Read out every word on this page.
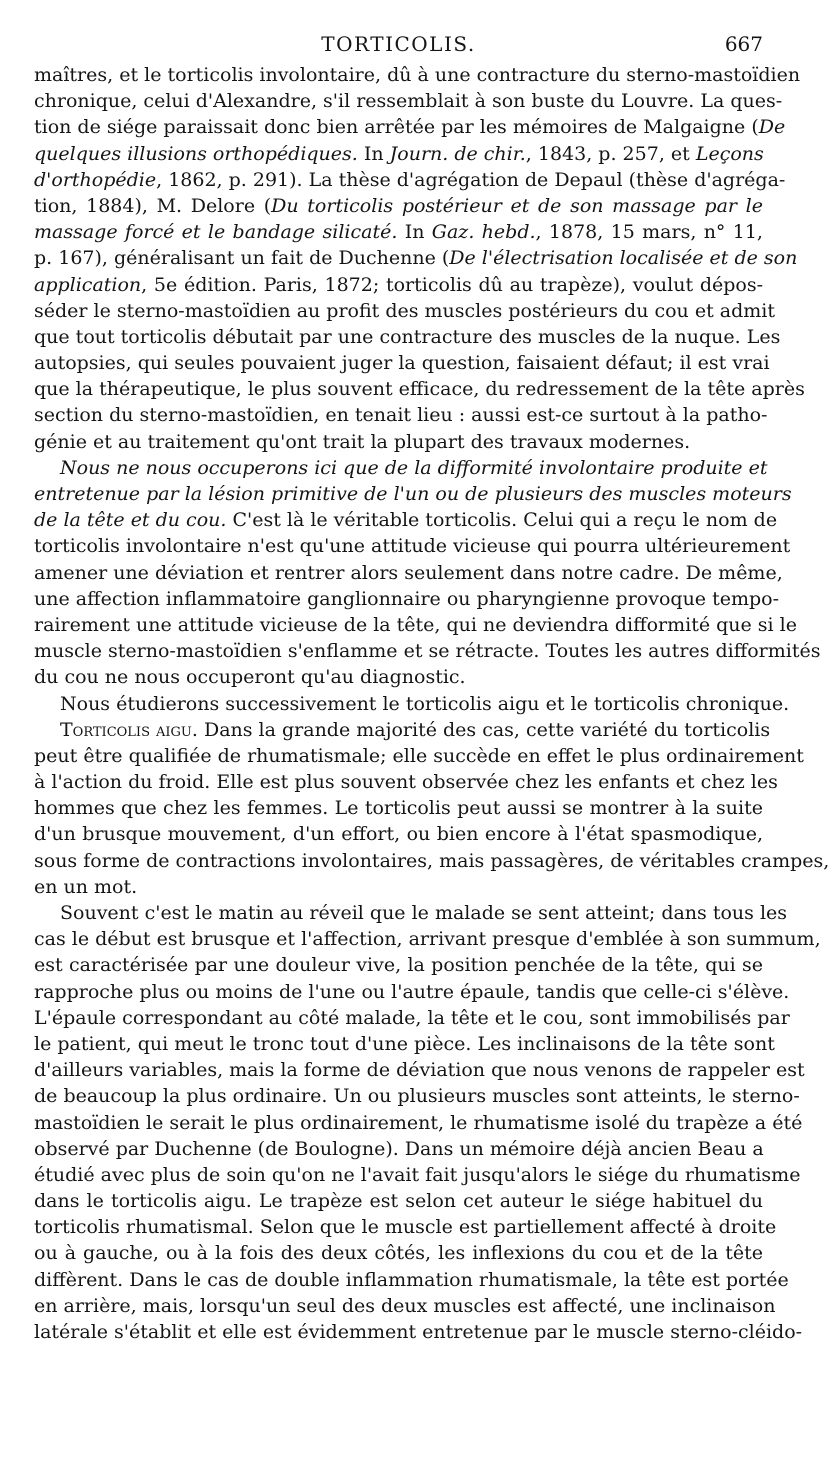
TORTICOLIS.	667
maîtres, et le torticolis involontaire, dû à une contracture du sterno-mastoïdien
chronique, celui d'Alexandre, s'il ressemblait à son buste du Louvre. La ques-
tion de siége paraissait donc bien arrêtée par les mémoires de Malgaigne (De
quelques illusions orthopédiques. In Journ. de chir., 1843, p. 257, et Leçons
d'orthopédie, 1862, p. 291). La thèse d'agrégation de Depaul (thèse d'agréga-
tion, 1884), M. Delore (Du torticolis postérieur et de son massage par le
massage forcé et le bandage silicaté. In Gaz. hebd., 1878, 15 mars, n° 11,
p. 167), généralisant un fait de Duchenne (De l'électrisation localisée et de son
application, 5e édition. Paris, 1872; torticolis dû au trapèze), voulut dépos-
séder le sterno-mastoïdien au profit des muscles postérieurs du cou et admit
que tout torticolis débutait par une contracture des muscles de la nuque. Les
autopsies, qui seules pouvaient juger la question, faisaient défaut; il est vrai
que la thérapeutique, le plus souvent efficace, du redressement de la tête après
section du sterno-mastoïdien, en tenait lieu : aussi est-ce surtout à la patho-
génie et au traitement qu'ont trait la plupart des travaux modernes.
Nous ne nous occuperons ici que de la difformité involontaire produite et
entretenue par la lésion primitive de l'un ou de plusieurs des muscles moteurs
de la tête et du cou. C'est là le véritable torticolis. Celui qui a reçu le nom de
torticolis involontaire n'est qu'une attitude vicieuse qui pourra ultérieurement
amener une déviation et rentrer alors seulement dans notre cadre. De même,
une affection inflammatoire ganglionnaire ou pharyngienne provoque tempo-
rairement une attitude vicieuse de la tête, qui ne deviendra difformité que si le
muscle sterno-mastoïdien s'enflamme et se rétracte. Toutes les autres difformités
du cou ne nous occuperont qu'au diagnostic.
Nous étudierons successivement le torticolis aigu et le torticolis chronique.
Torticolis aigu. Dans la grande majorité des cas, cette variété du torticolis
peut être qualifiée de rhumatismale; elle succède en effet le plus ordinairement
à l'action du froid. Elle est plus souvent observée chez les enfants et chez les
hommes que chez les femmes. Le torticolis peut aussi se montrer à la suite
d'un brusque mouvement, d'un effort, ou bien encore à l'état spasmodique,
sous forme de contractions involontaires, mais passagères, de véritables crampes,
en un mot.
Souvent c'est le matin au réveil que le malade se sent atteint; dans tous les
cas le début est brusque et l'affection, arrivant presque d'emblée à son summum,
est caractérisée par une douleur vive, la position penchée de la tête, qui se
rapproche plus ou moins de l'une ou l'autre épaule, tandis que celle-ci s'élève.
L'épaule correspondant au côté malade, la tête et le cou, sont immobilisés par
le patient, qui meut le tronc tout d'une pièce. Les inclinaisons de la tête sont
d'ailleurs variables, mais la forme de déviation que nous venons de rappeler est
de beaucoup la plus ordinaire. Un ou plusieurs muscles sont atteints, le sterno-
mastoïdien le serait le plus ordinairement, le rhumatisme isolé du trapèze a été
observé par Duchenne (de Boulogne). Dans un mémoire déjà ancien Beau a
étudié avec plus de soin qu'on ne l'avait fait jusqu'alors le siége du rhumatisme
dans le torticolis aigu. Le trapèze est selon cet auteur le siége habituel du
torticolis rhumatismal. Selon que le muscle est partiellement affecté à droite
ou à gauche, ou à la fois des deux côtés, les inflexions du cou et de la tête
diffèrent. Dans le cas de double inflammation rhumatismale, la tête est portée
en arrière, mais, lorsqu'un seul des deux muscles est affecté, une inclinaison
latérale s'établit et elle est évidemment entretenue par le muscle sterno-cléido-
